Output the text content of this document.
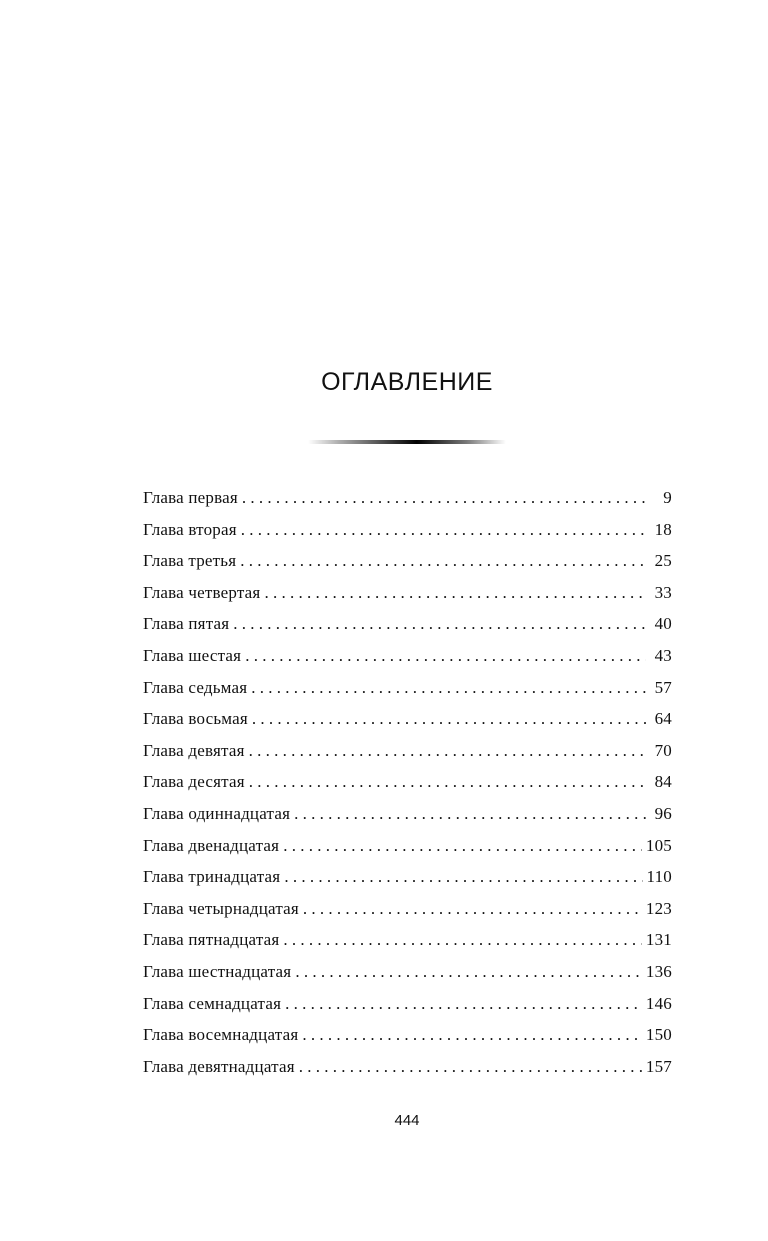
ОГЛАВЛЕНИЕ
Глава первая . . .	9
Глава вторая . . .	18
Глава третья . . .	25
Глава четвертая . . .	33
Глава пятая . . .	40
Глава шестая . . .	43
Глава седьмая . . .	57
Глава восьмая . . .	64
Глава девятая . . .	70
Глава десятая . . .	84
Глава одиннадцатая . . .	96
Глава двенадцатая . . .	105
Глава тринадцатая . . .	110
Глава четырнадцатая . . .	123
Глава пятнадцатая . . .	131
Глава шестнадцатая . . .	136
Глава семнадцатая . . .	146
Глава восемнадцатая . . .	150
Глава девятнадцатая . . .	157
444
